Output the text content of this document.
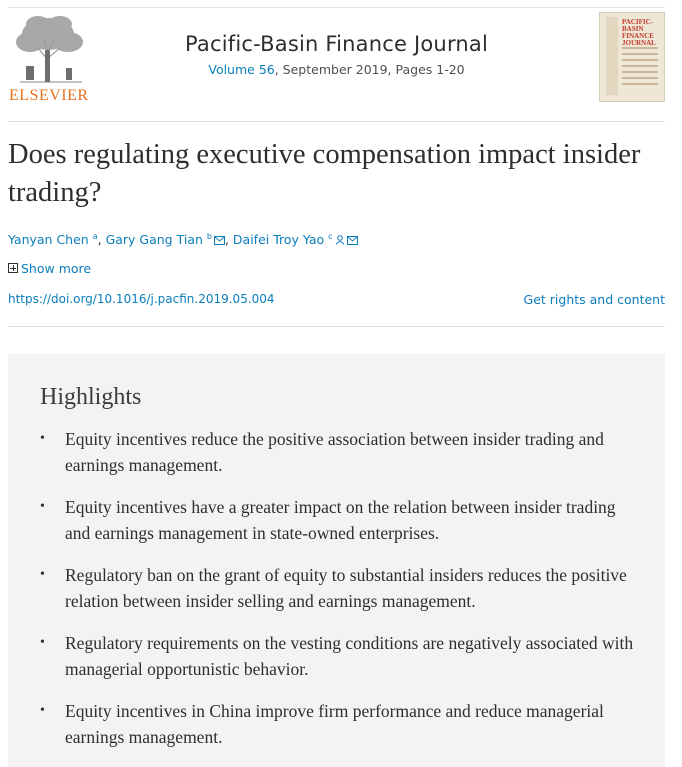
ELSEVIER
Pacific-Basin Finance Journal
Volume 56, September 2019, Pages 1-20
PACIFIC-BASIN FINANCE JOURNAL
Does regulating executive compensation impact insider trading?
Yanyan Chen $^a$, Gary Gang Tian $^b$ , Daifei Troy Yao $^c$
Show more
https://doi.org/10.1016/j.pacfin.2019.05.004	Get rights and content
Highlights
• Equity incentives reduce the positive association between insider trading and earnings management.
• Equity incentives have a greater impact on the relation between insider trading and earnings management in state-owned enterprises.
• Regulatory ban on the grant of equity to substantial insiders reduces the positive relation between insider selling and earnings management.
• Regulatory requirements on the vesting conditions are negatively associated with managerial opportunistic behavior.
• Equity incentives in China improve firm performance and reduce managerial earnings management.
